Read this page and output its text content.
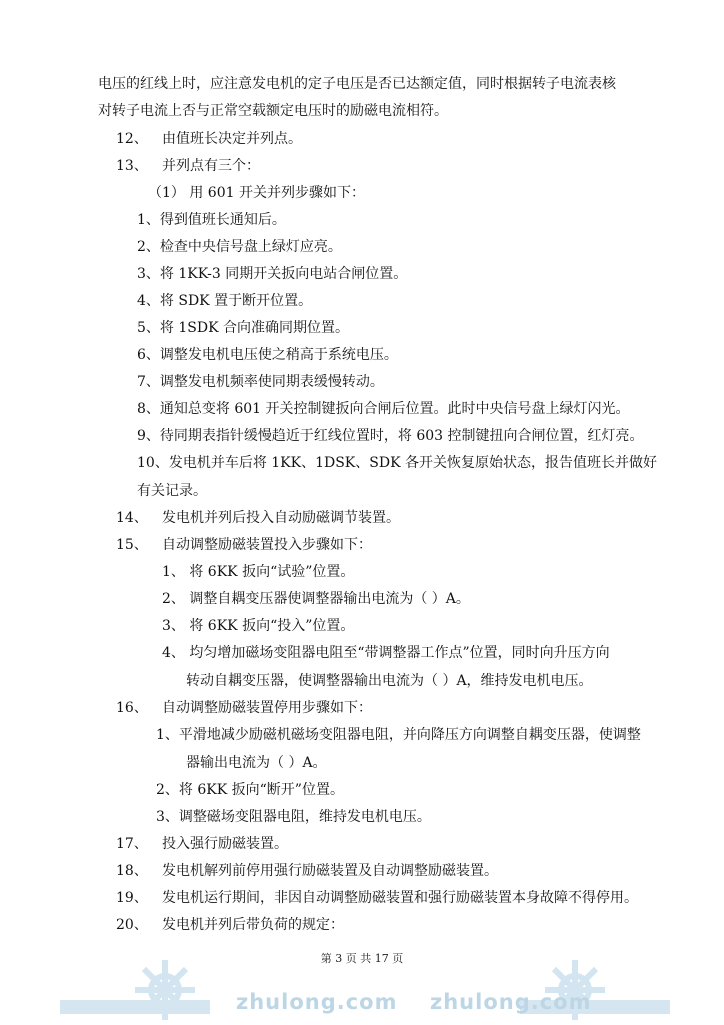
电压的红线上时，应注意发电机的定子电压是否已达额定值，同时根据转子电流表核
对转子电流上否与正常空载额定电压时的励磁电流相符。
12、 由值班长决定并列点。
13、 并列点有三个：
（1） 用 601 开关并列步骤如下：
1、得到值班长通知后。
2、检查中央信号盘上绿灯应亮。
3、将 1KK-3 同期开关扳向电站合闸位置。
4、将 SDK 置于断开位置。
5、将 1SDK 合向准确同期位置。
6、调整发电机电压使之稍高于系统电压。
7、调整发电机频率使同期表缓慢转动。
8、通知总变将 601 开关控制键扳向合闸后位置。此时中央信号盘上绿灯闪光。
9、待同期表指针缓慢趋近于红线位置时，将 603 控制键扭向合闸位置，红灯亮。
10、发电机并车后将 1KK、1DSK、SDK 各开关恢复原始状态，报告值班长并做好
有关记录。
14、 发电机并列后投入自动励磁调节装置。
15、 自动调整励磁装置投入步骤如下：
1、 将 6KK 扳向“试验”位置。
2、 调整自耦变压器使调整器输出电流为（ ）A。
3、 将 6KK 扳向“投入”位置。
4、 均匀增加磁场变阻器电阻至“带调整器工作点”位置，同时向升压方向
转动自耦变压器，使调整器输出电流为（ ）A，维持发电机电压。
16、 自动调整励磁装置停用步骤如下：
1、平滑地减少励磁机磁场变阻器电阻，并向降压方向调整自耦变压器，使调整
器输出电流为（ ）A。
2、将 6KK 扳向“断开”位置。
3、调整磁场变阻器电阻，维持发电机电压。
17、 投入强行励磁装置。
18、 发电机解列前停用强行励磁装置及自动调整励磁装置。
19、 发电机运行期间，非因自动调整励磁装置和强行励磁装置本身故障不得停用。
20、 发电机并列后带负荷的规定：
第 3 页 共 17 页
zhulong.com zhulong.com
